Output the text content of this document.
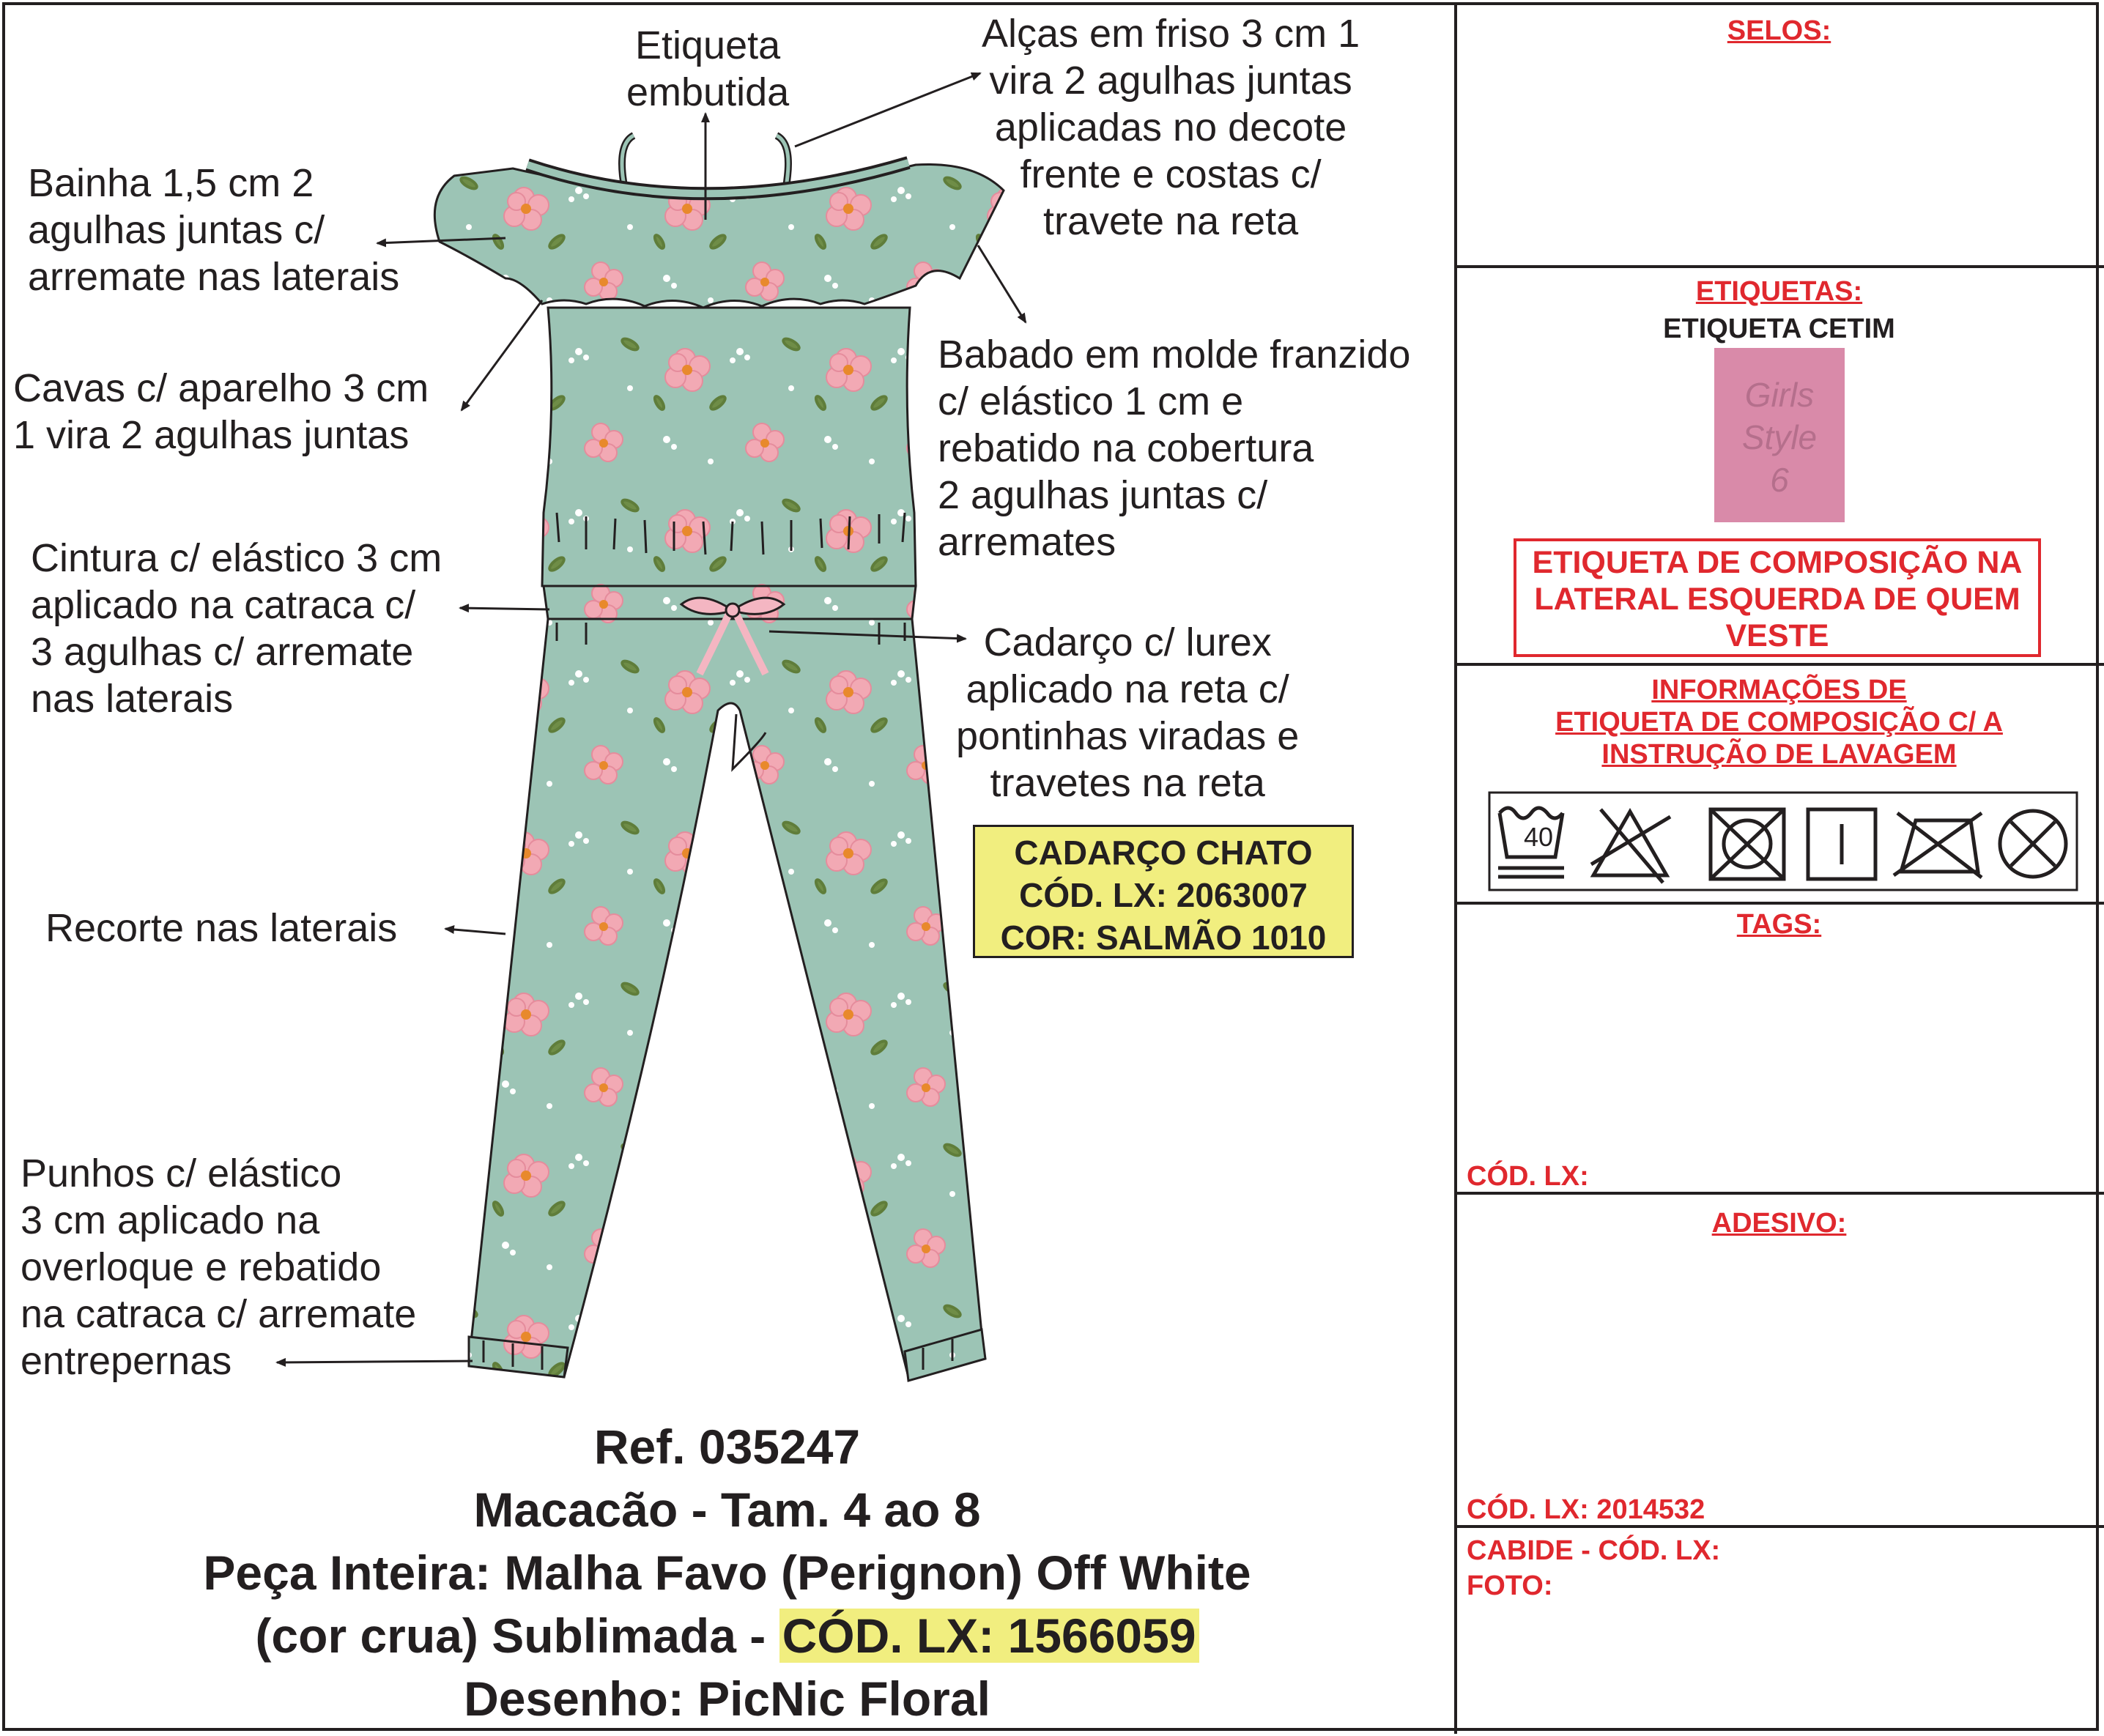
Etiqueta
embutida
Alças em friso 3 cm 1
vira 2 agulhas juntas
aplicadas no decote
frente e costas c/
travete na reta
Bainha 1,5 cm 2
agulhas juntas c/
arremate nas laterais
Babado em molde franzido
c/ elástico 1 cm e
rebatido na cobertura
2 agulhas juntas c/
arremates
Cavas c/ aparelho 3 cm
1 vira 2 agulhas juntas
Cintura c/ elástico 3 cm
aplicado na catraca c/
3 agulhas c/ arremate
nas laterais
Cadarço c/ lurex
aplicado na reta c/
pontinhas viradas e
travetes na reta
Recorte nas laterais
Punhos c/ elástico
3 cm aplicado na
overloque e rebatido
na catraca c/ arremate
entrepernas
CADARÇO CHATO
CÓD. LX: 2063007
COR: SALMÃO 1010
Ref. 035247
Macacão - Tam. 4 ao 8
Peça Inteira: Malha Favo (Perignon) Off White
(cor crua) Sublimada - CÓD. LX: 1566059
Desenho: PicNic Floral
SELOS:
ETIQUETAS:
ETIQUETA CETIM
Girls
Style
6
ETIQUETA DE COMPOSIÇÃO NA
LATERAL ESQUERDA DE QUEM
VESTE
INFORMAÇÕES DE
ETIQUETA DE COMPOSIÇÃO C/ A
INSTRUÇÃO DE LAVAGEM
40
TAGS:
CÓD. LX:
ADESIVO:
CÓD. LX: 2014532
CABIDE - CÓD. LX:
FOTO:
